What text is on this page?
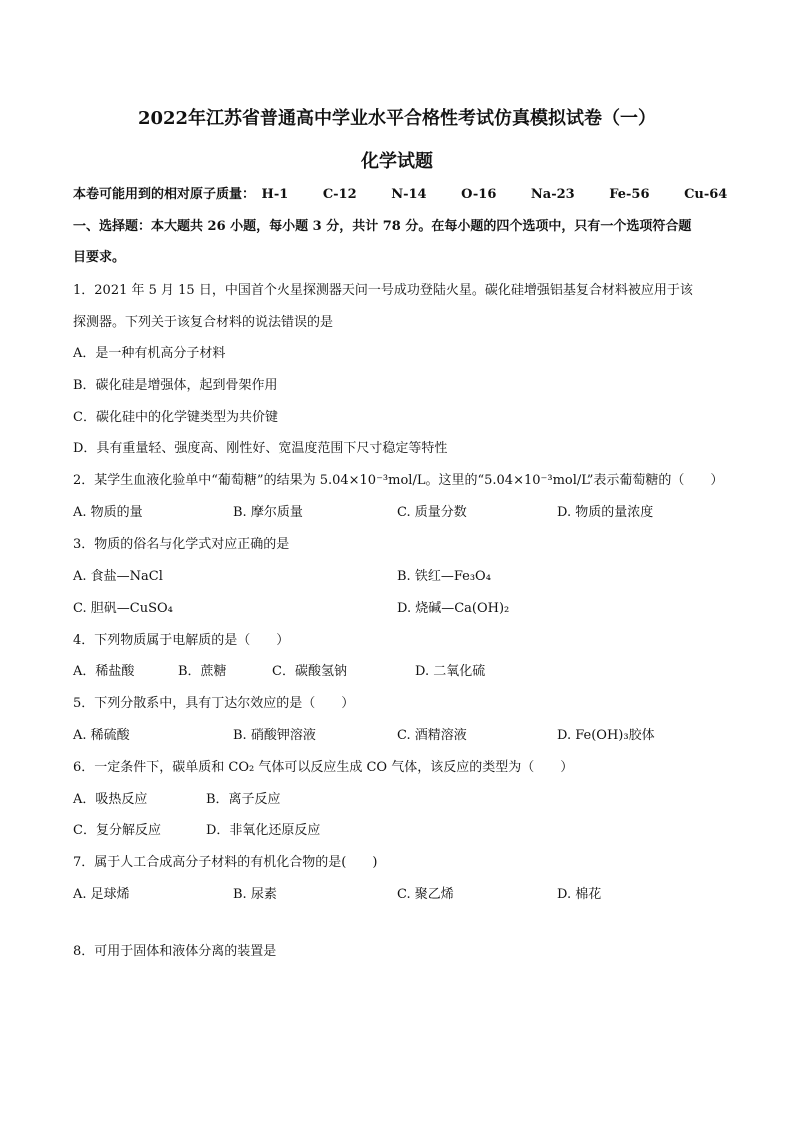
2022年江苏省普通高中学业水平合格性考试仿真模拟试卷（一）
化学试题
本卷可能用到的相对原子质量： H-1	C-12	N-14	O-16	Na-23	Fe-56	Cu-64
一、选择题：本大题共 26 小题，每小题 3 分，共计 78 分。在每小题的四个选项中，只有一个选项符合题
目要求。
1．2021 年 5 月 15 日，中国首个火星探测器天问一号成功登陆火星。碳化硅增强铝基复合材料被应用于该
探测器。下列关于该复合材料的说法错误的是
A．是一种有机高分子材料
B．碳化硅是增强体，起到骨架作用
C．碳化硅中的化学键类型为共价键
D．具有重量轻、强度高、刚性好、宽温度范围下尺寸稳定等特性
2．某学生血液化验单中“葡萄糖”的结果为 5.04×10⁻³mol/L。这里的“5.04×10⁻³mol/L”表示葡萄糖的（　　）
A. 物质的量	B. 摩尔质量	C. 质量分数	D. 物质的量浓度
3．物质的俗名与化学式对应正确的是
A. 食盐—NaCl	B. 铁红—Fe₃O₄
C. 胆矾—CuSO₄	D. 烧碱—Ca(OH)₂
4．下列物质属于电解质的是（　　）
A．稀盐酸	B．蔗糖	C．碳酸氢钠	D. 二氧化硫
5．下列分散系中，具有丁达尔效应的是（　　）
A. 稀硫酸	B. 硝酸钾溶液	C. 酒精溶液	D. Fe(OH)₃胶体
6．一定条件下，碳单质和 CO₂ 气体可以反应生成 CO 气体，该反应的类型为（　　）
A．吸热反应	B．离子反应
C．复分解反应	D．非氧化还原反应
7．属于人工合成高分子材料的有机化合物的是(　　)
A. 足球烯	B. 尿素	C. 聚乙烯	D. 棉花
8．可用于固体和液体分离的装置是
